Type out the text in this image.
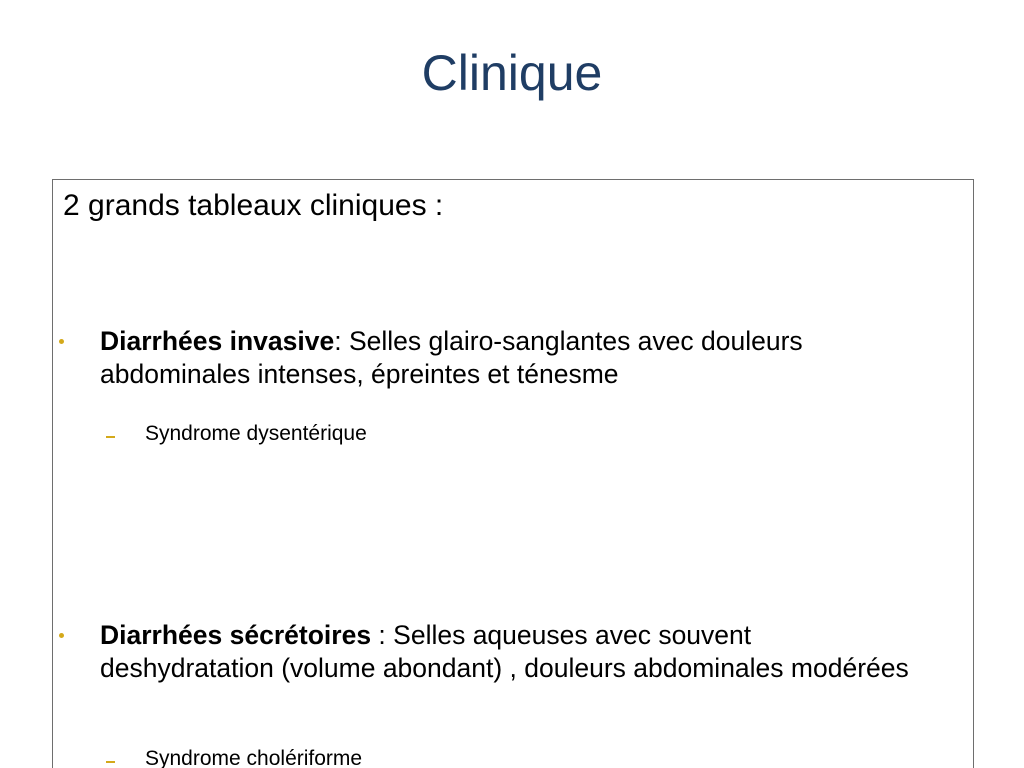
Clinique
2 grands tableaux cliniques :
Diarrhées invasive: Selles glairo-sanglantes avec douleurs abdominales intenses, épreintes et ténesme
Syndrome dysentérique
Diarrhées sécrétoires : Selles aqueuses avec souvent deshydratation (volume abondant) , douleurs abdominales modérées
Syndrome cholériforme
